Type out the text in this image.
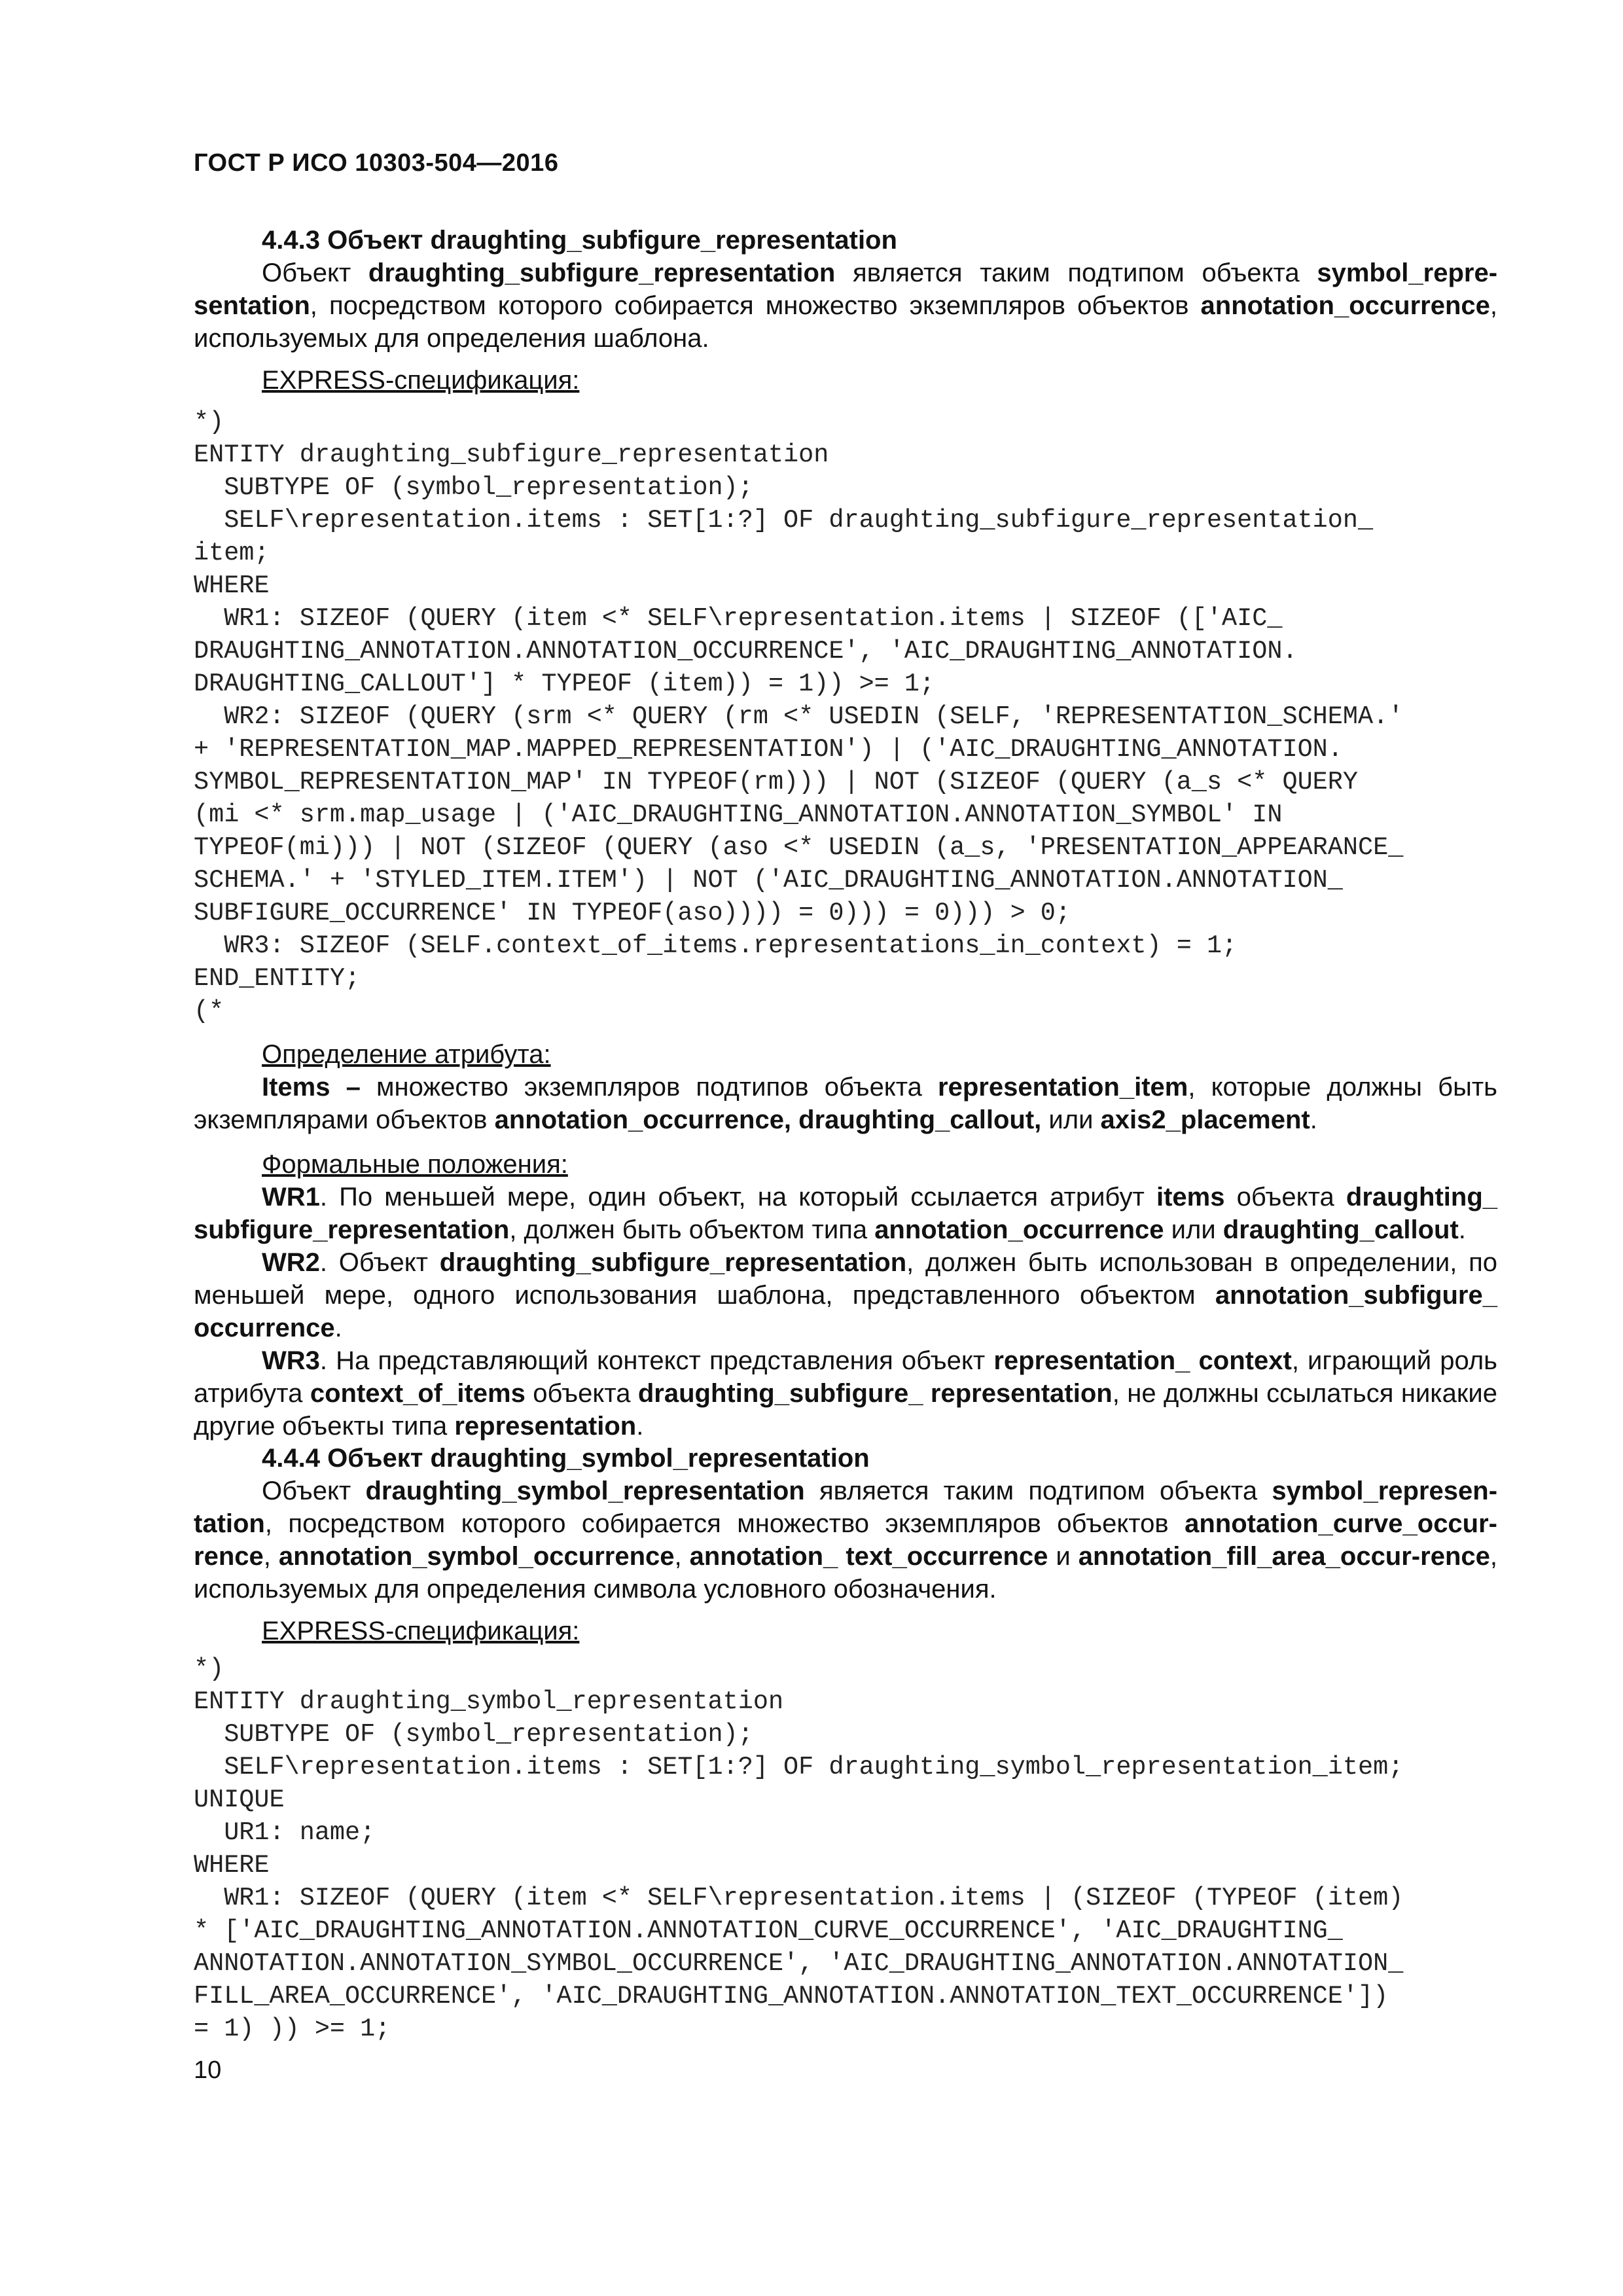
ГОСТ Р ИСО 10303-504—2016

4.4.3 Объект draughting_subfigure_representation

Объект draughting_subfigure_representation является таким подтипом объекта symbol_repre-sentation, посредством которого собирается множество экземпляров объектов annotation_occurrence, используемых для определения шаблона.

EXPRESS-спецификация:

*)
ENTITY draughting_subfigure_representation
SUBTYPE OF (symbol_representation);
SELF\representation.items : SET[1:?] OF draughting_subfigure_representation_
item;
WHERE
WR1: SIZEOF (QUERY (item <* SELF\representation.items | SIZEOF (['AIC_
DRAUGHTING_ANNOTATION.ANNOTATION_OCCURRENCE', 'AIC_DRAUGHTING_ANNOTATION.
DRAUGHTING_CALLOUT'] * TYPEOF (item)) = 1)) >= 1;
WR2: SIZEOF (QUERY (srm <* QUERY (rm <* USEDIN (SELF, 'REPRESENTATION_SCHEMA.'
+ 'REPRESENTATION_MAP.MAPPED_REPRESENTATION') | ('AIC_DRAUGHTING_ANNOTATION.
SYMBOL_REPRESENTATION_MAP' IN TYPEOF(rm))) | NOT (SIZEOF (QUERY (a_s <* QUERY
(mi <* srm.map_usage | ('AIC_DRAUGHTING_ANNOTATION.ANNOTATION_SYMBOL' IN
TYPEOF(mi))) | NOT (SIZEOF (QUERY (aso <* USEDIN (a_s, 'PRESENTATION_APPEARANCE_
SCHEMA.' + 'STYLED_ITEM.ITEM') | NOT ('AIC_DRAUGHTING_ANNOTATION.ANNOTATION_
SUBFIGURE_OCCURRENCE' IN TYPEOF(aso)))) = 0))) = 0))) > 0;
WR3: SIZEOF (SELF.context_of_items.representations_in_context) = 1;
END_ENTITY;
(*

Определение атрибута:

Items – множество экземпляров подтипов объекта representation_item, которые должны быть экземплярами объектов annotation_occurrence, draughting_callout, или axis2_placement.

Формальные положения:

WR1. По меньшей мере, один объект, на который ссылается атрибут items объекта draughting_ subfigure_representation, должен быть объектом типа annotation_occurrence или draughting_callout.

WR2. Объект draughting_subfigure_representation, должен быть использован в определении, по меньшей мере, одного использования шаблона, представленного объектом annotation_subfigure_ occurrence.

WR3. На представляющий контекст представления объект representation_ context, играющий роль атрибута context_of_items объекта draughting_subfigure_ representation, не должны ссылаться никакие другие объекты типа representation.

4.4.4 Объект draughting_symbol_representation

Объект draughting_symbol_representation является таким подтипом объекта symbol_represen-tation, посредством которого собирается множество экземпляров объектов annotation_curve_occur-rence, annotation_symbol_occurrence, annotation_ text_occurrence и annotation_fill_area_occur-rence, используемых для определения символа условного обозначения.

EXPRESS-спецификация:

*)
ENTITY draughting_symbol_representation
SUBTYPE OF (symbol_representation);
SELF\representation.items : SET[1:?] OF draughting_symbol_representation_item;
UNIQUE
UR1: name;
WHERE
WR1: SIZEOF (QUERY (item <* SELF\representation.items | (SIZEOF (TYPEOF (item)
* ['AIC_DRAUGHTING_ANNOTATION.ANNOTATION_CURVE_OCCURRENCE', 'AIC_DRAUGHTING_
ANNOTATION.ANNOTATION_SYMBOL_OCCURRENCE', 'AIC_DRAUGHTING_ANNOTATION.ANNOTATION_
FILL_AREA_OCCURRENCE', 'AIC_DRAUGHTING_ANNOTATION.ANNOTATION_TEXT_OCCURRENCE'])
= 1) )) >= 1;
10
